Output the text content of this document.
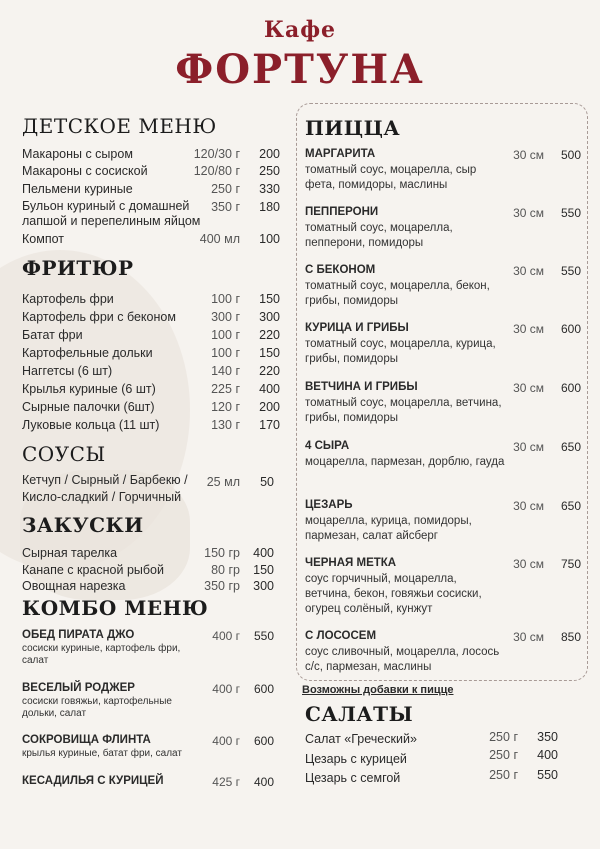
Кафе
ФОРТУНА
ДЕТСКОЕ МЕНЮ
Макароны с сыром	120/30 г 200
Макароны с сосиской	120/80 г 250
Пельмени куриные	250 г 330
Бульон куриный с домашней лапшой и перепелиным яйцом
350 г 180
Компот	400 мл 100
ФРИТЮР
Картофель фри	100 г 150
Картофель фри с беконом	300 г 300
Батат фри	100 г 220
Картофельные дольки	100 г 150
Наггетсы (6 шт)	140 г 220
Крылья куриные (6 шт)	225 г 400
Сырные палочки (6шт)	120 г 200
Луковые кольца (11 шт)	130 г 170
СОУСЫ
Кетчуп / Сырный / Барбекю /
Кисло-сладкий / Горчичный
25 мл 50
ЗАКУСКИ
Сырная тарелка	150 гр 400
Канапе с красной рыбой	80 гр 150
Овощная нарезка	350 гр 300
КОМБО МЕНЮ
ОБЕД ПИРАТА ДЖО
сосиски куриные, картофель фри, салат
400 г 550
ВЕСЕЛЫЙ РОДЖЕР
сосиски говяжьи, картофельные дольки, салат
400 г 600
СОКРОВИЩА ФЛИНТА
крылья куриные, батат фри, салат
400 г 600
КЕСАДИЛЬЯ С КУРИЦЕЙ	425 г 400
ПИЦЦА
МАРГАРИТА	30 см 500
томатный соус, моцарелла, сыр фета, помидоры, маслины
ПЕППЕРОНИ	30 см 550
томатный соус, моцарелла, пепперони, помидоры
С БЕКОНОМ	30 см 550
томатный соус, моцарелла, бекон, грибы, помидоры
КУРИЦА И ГРИБЫ	30 см 600
томатный соус, моцарелла, курица, грибы, помидоры
ВЕТЧИНА И ГРИБЫ	30 см 600
томатный соус, моцарелла, ветчина, грибы, помидоры
4 СЫРА	30 см 650
моцарелла, пармезан, дорблю, гауда
ЦЕЗАРЬ	30 см 650
моцарелла, курица, помидоры, пармезан, салат айсберг
ЧЕРНАЯ МЕТКА	30 см 750
соус горчичный, моцарелла, ветчина, бекон, говяжьи сосиски, огурец солёный, кунжут
С ЛОСОСЕМ	30 см 850
соус сливочный, моцарелла, лосось с/с, пармезан, маслины
Возможны добавки к пицце
САЛАТЫ
Салат «Греческий»	250 г 350
Цезарь с курицей	250 г 400
Цезарь с семгой	250 г 550
